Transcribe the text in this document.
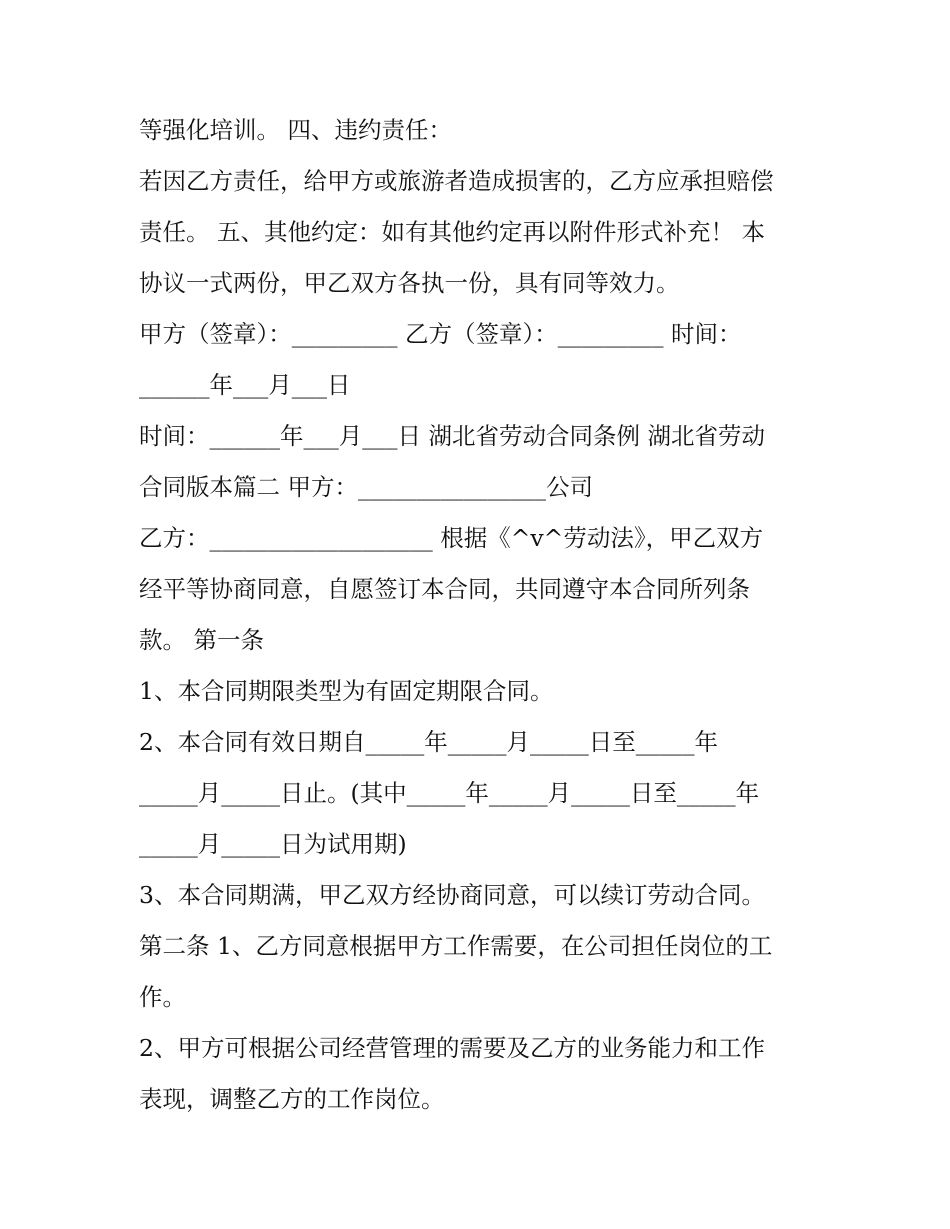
等强化培训。 四、违约责任：
若因乙方责任，给甲方或旅游者造成损害的，乙方应承担赔偿
责任。 五、其他约定：如有其他约定再以附件形式补充！ 本
协议一式两份，甲乙双方各执一份，具有同等效力。
甲方（签章）：_________ 乙方（签章）：_________ 时间：
______年___月___日
时间：______年___月___日 湖北省劳动合同条例 湖北省劳动
合同版本篇二 甲方：________________公司
乙方：___________________ 根据《^v^劳动法》，甲乙双方
经平等协商同意，自愿签订本合同，共同遵守本合同所列条
款。 第一条
1、本合同期限类型为有固定期限合同。
2、本合同有效日期自_____年_____月_____日至_____年
_____月_____日止。(其中_____年_____月_____日至_____年
_____月_____日为试用期)
3、本合同期满，甲乙双方经协商同意，可以续订劳动合同。
第二条 1、乙方同意根据甲方工作需要，在公司担任岗位的工
作。
2、甲方可根据公司经营管理的需要及乙方的业务能力和工作
表现，调整乙方的工作岗位。
